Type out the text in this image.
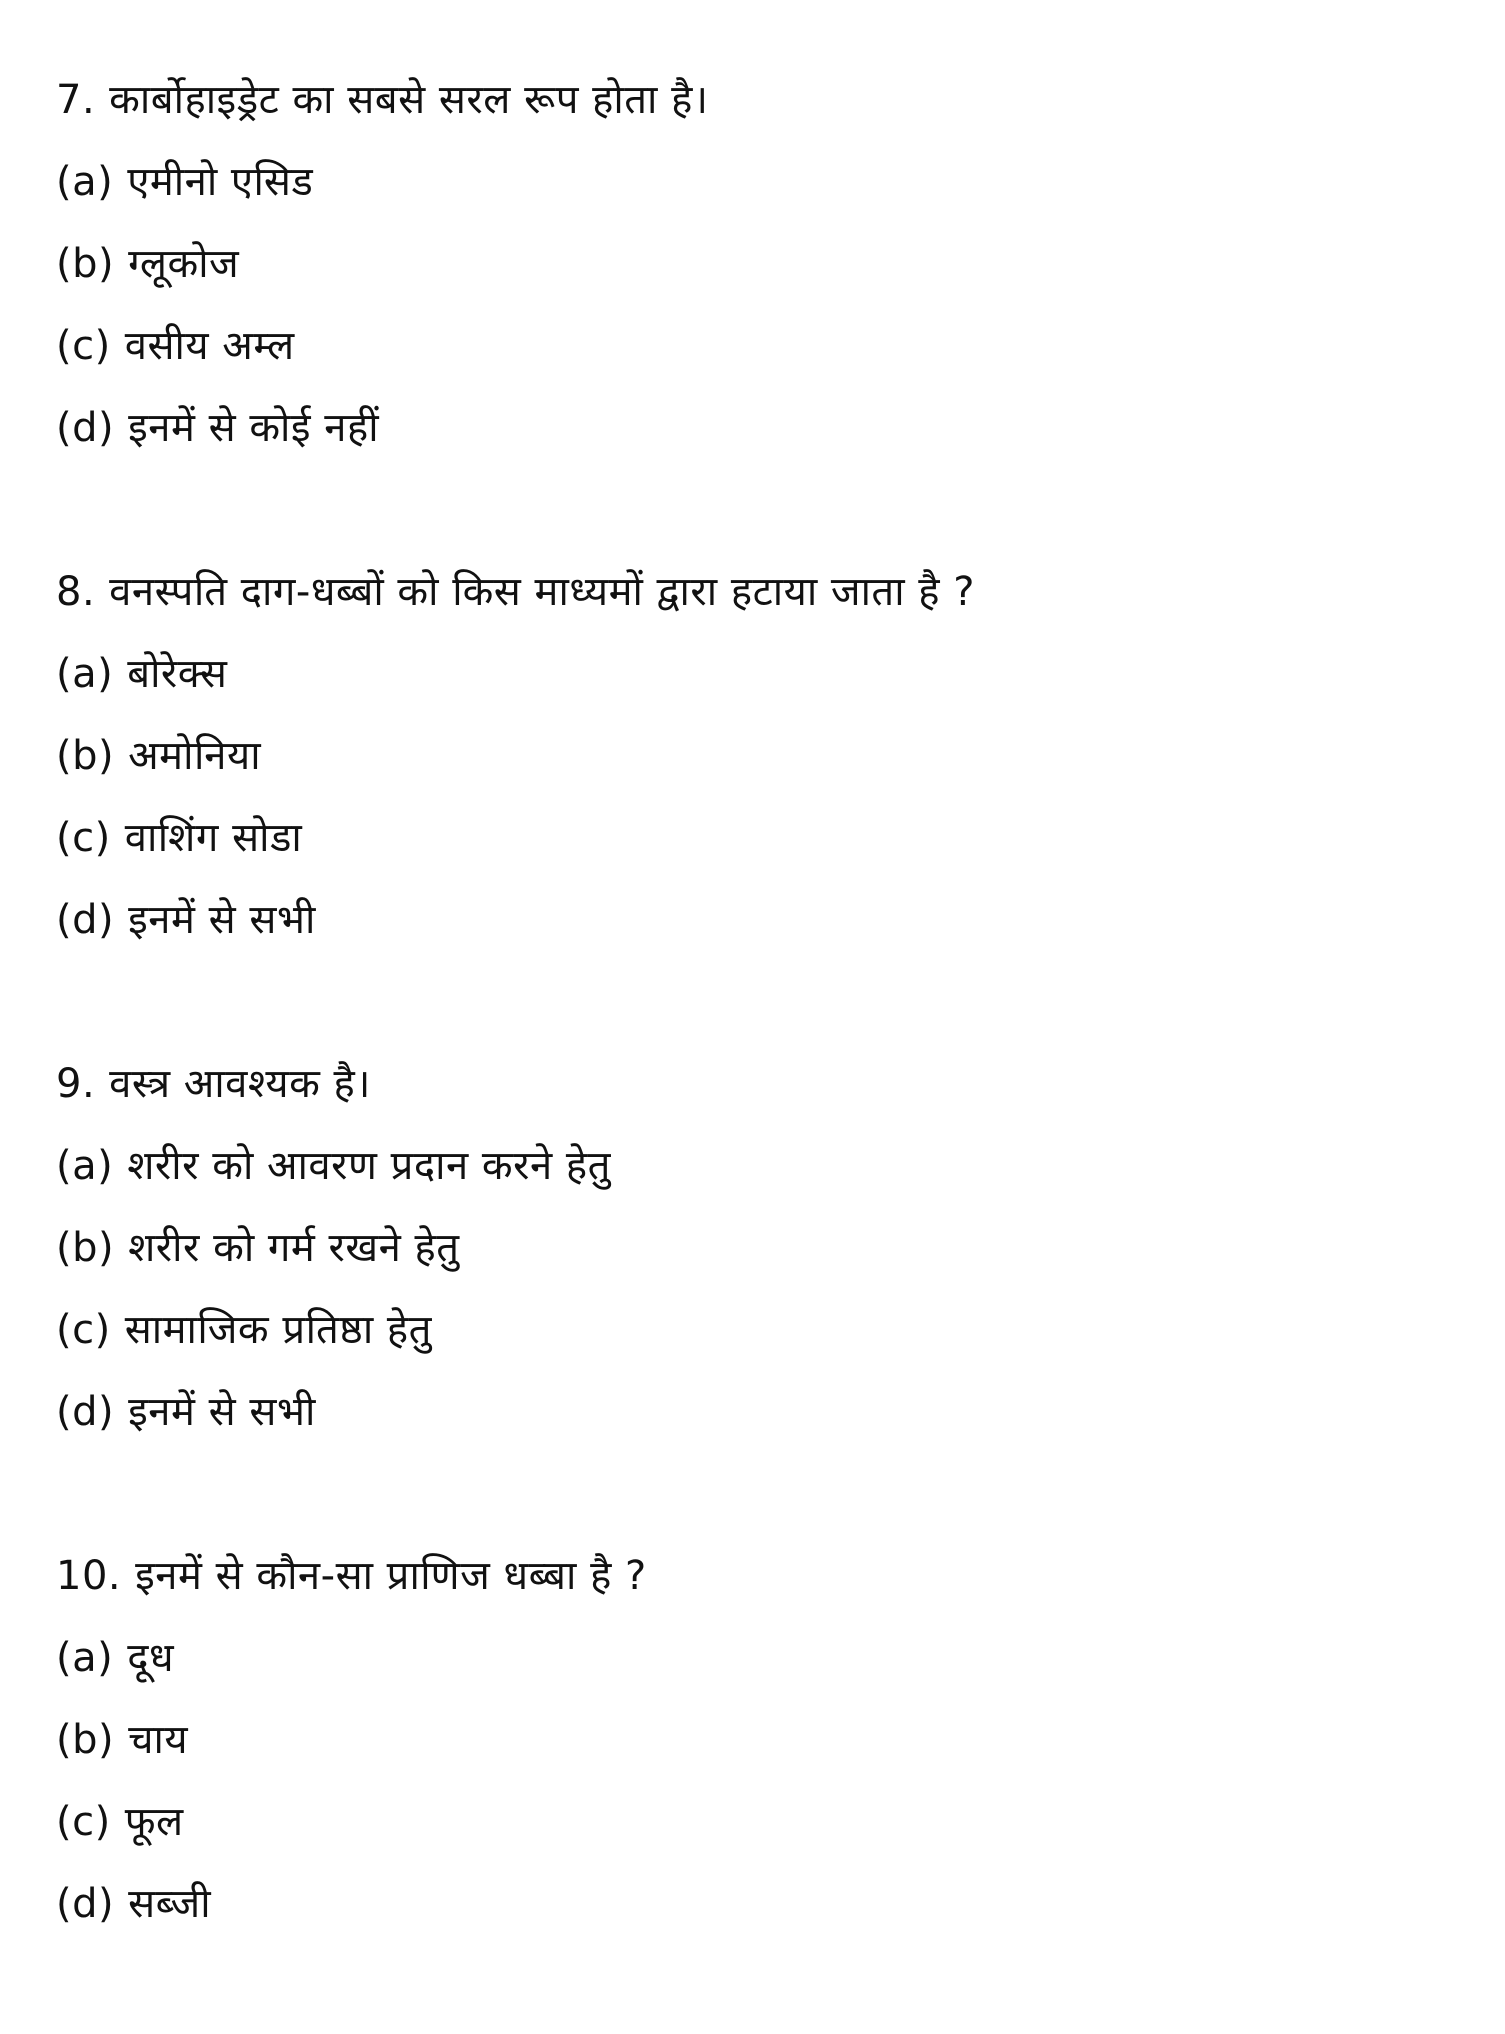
7. कार्बोहाइड्रेट का सबसे सरल रूप होता है।
(a) एमीनो एसिड
(b) ग्लूकोज
(c) वसीय अम्ल
(d) इनमें से कोई नहीं
8. वनस्पति दाग-धब्बों को किस माध्यमों द्वारा हटाया जाता है ?
(a) बोरेक्स
(b) अमोनिया
(c) वाशिंग सोडा
(d) इनमें से सभी
9. वस्त्र आवश्यक है।
(a) शरीर को आवरण प्रदान करने हेतु
(b) शरीर को गर्म रखने हेतु
(c) सामाजिक प्रतिष्ठा हेतु
(d) इनमें से सभी
10. इनमें से कौन-सा प्राणिज धब्बा है ?
(a) दूध
(b) चाय
(c) फूल
(d) सब्जी
